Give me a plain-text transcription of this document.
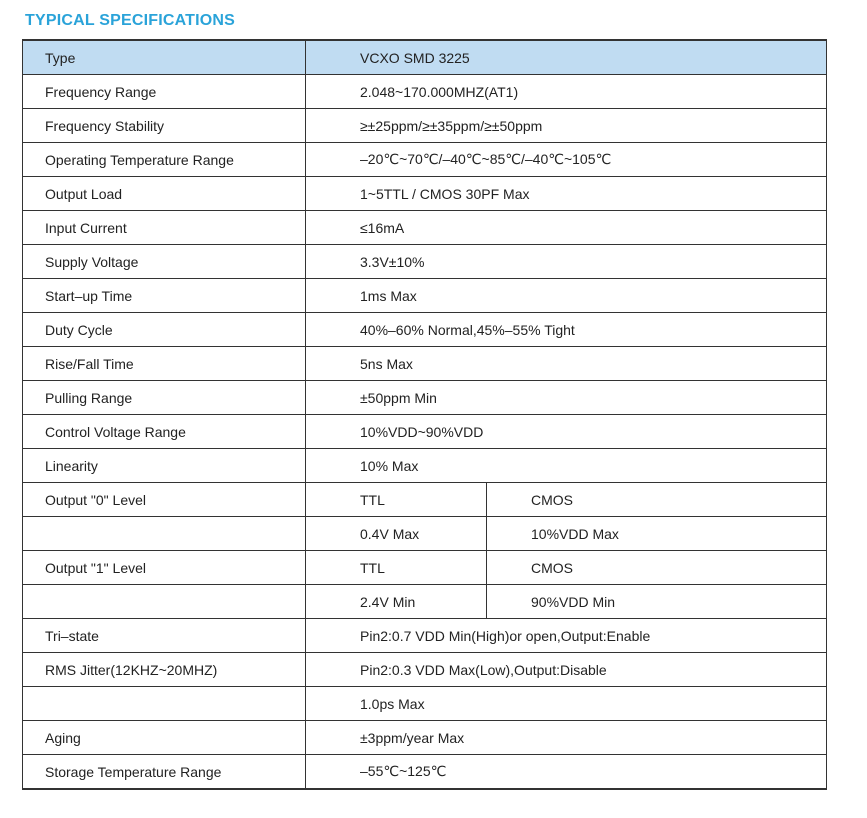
TYPICAL SPECIFICATIONS
Type	VCXO SMD 3225	
Frequency Range	2.048~170.000MHZ(AT1)	
Frequency Stability	≥±25ppm/≥±35ppm/≥±50ppm	
Operating Temperature Range	–20℃~70℃/–40℃~85℃/–40℃~105℃	
Output Load	1~5TTL / CMOS 30PF Max	
Input Current	≤16mA	
Supply Voltage	3.3V±10%	
Start–up Time	1ms Max	
Duty Cycle	40%–60% Normal,45%–55% Tight	
Rise/Fall Time	5ns Max	
Pulling Range	±50ppm Min	
Control Voltage Range	10%VDD~90%VDD	
Linearity	10% Max	
Output "0" Level	TTL	CMOS
	0.4V Max	10%VDD Max
Output "1" Level	TTL	CMOS
	2.4V Min	90%VDD Min
Tri–state	Pin2:0.7 VDD Min(High)or open,Output:Enable	
RMS Jitter(12KHZ~20MHZ)	Pin2:0.3 VDD Max(Low),Output:Disable	
	1.0ps Max	
Aging	±3ppm/year Max	
Storage Temperature Range	–55℃~125℃	
